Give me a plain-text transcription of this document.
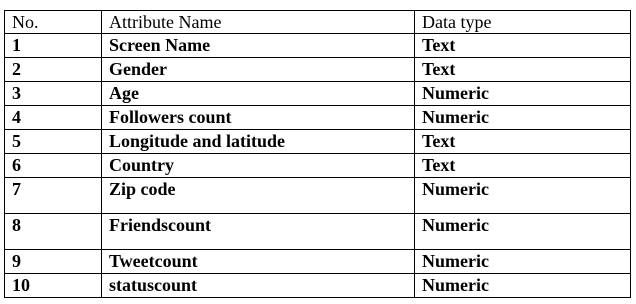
No.	Attribute Name	Data type
1	Screen Name	Text
2	Gender	Text
3	Age	Numeric
4	Followers count	Numeric
5	Longitude and latitude	Text
6	Country	Text
7	Zip code	Numeric
8	Friendscount	Numeric
9	Tweetcount	Numeric
10	statuscount	Numeric
